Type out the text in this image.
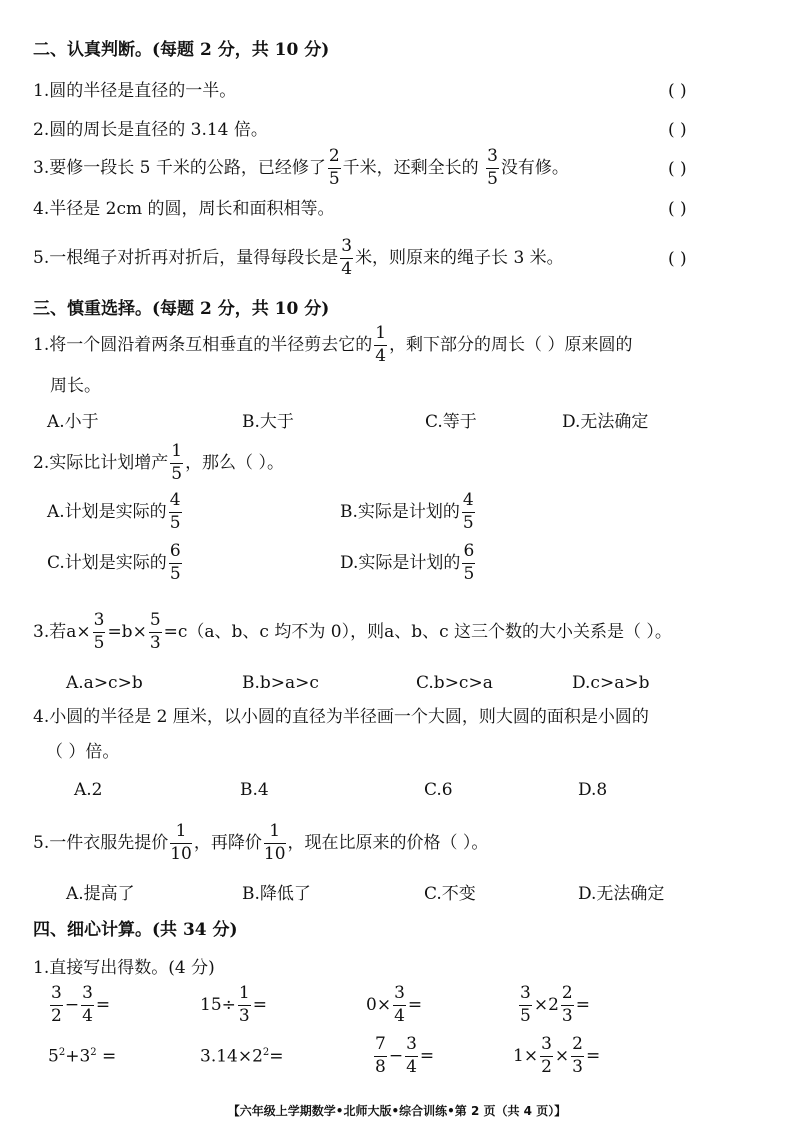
二、认真判断。(每题 2 分，共 10 分)
1.圆的半径是直径的一半。	( )
2.圆的周长是直径的 3.14 倍。	( )
3.要修一段长 5 千米的公路，已经修了 $\frac{2}{5}$ 千米，还剩全长的 $\frac{3}{5}$ 没有修。	( )
4.半径是 2cm 的圆，周长和面积相等。	( )
5.一根绳子对折再对折后，量得每段长是 $\frac{3}{4}$ 米，则原来的绳子长 3 米。	( )
三、慎重选择。(每题 2 分，共 10 分)
1.将一个圆沿着两条互相垂直的半径剪去它的 $\frac{1}{4}$ ，剩下部分的周长（ ）原来圆的
周长。
A.小于	B.大于	C.等于	D.无法确定
2.实际比计划增产 $\frac{1}{5}$ ，那么（ ）。
A.计划是实际的 $\frac{4}{5}$	B.实际是计划的 $\frac{4}{5}$
C.计划是实际的 $\frac{6}{5}$	D.实际是计划的 $\frac{6}{5}$
3.若$a\times \frac{3}{5} =b\times \frac{5}{3} =c(a$、b、c 均不为 0），则a、b、c 这三个数的大小关系是（ ）。
A.a>c>b	B.b>a>c	C.b>c>a	D.c>a>b
4.小圆的半径是 2 厘米，以小圆的直径为半径画一个大圆，则大圆的面积是小圆的
（ ）倍。
A.2	B.4	C.6	D.8
5.一件衣服先提价 $\frac{1}{10}$ ，再降价 $\frac{1}{10}$ ，现在比原来的价格（ ）。
A.提高了	B.降低了	C.不变	D.无法确定
四、细心计算。(共 34 分)
1.直接写出得数。(4 分)
$\frac{3}{2} - \frac{3}{4}$ =	$15\div \frac{1}{3}$ =	$0\times \frac{3}{4}$ =	$\frac{3}{5} \times 2 \frac{2}{3}$ =
$5^2+3^2$ =	$3.14\times 2^2=$	$\frac{7}{8} - \frac{3}{4}$ =	$1\times \frac{3}{2} \times \frac{2}{3}$ =
【六年级上学期数学•北师大版•综合训练•第 2 页（共 4 页）】
